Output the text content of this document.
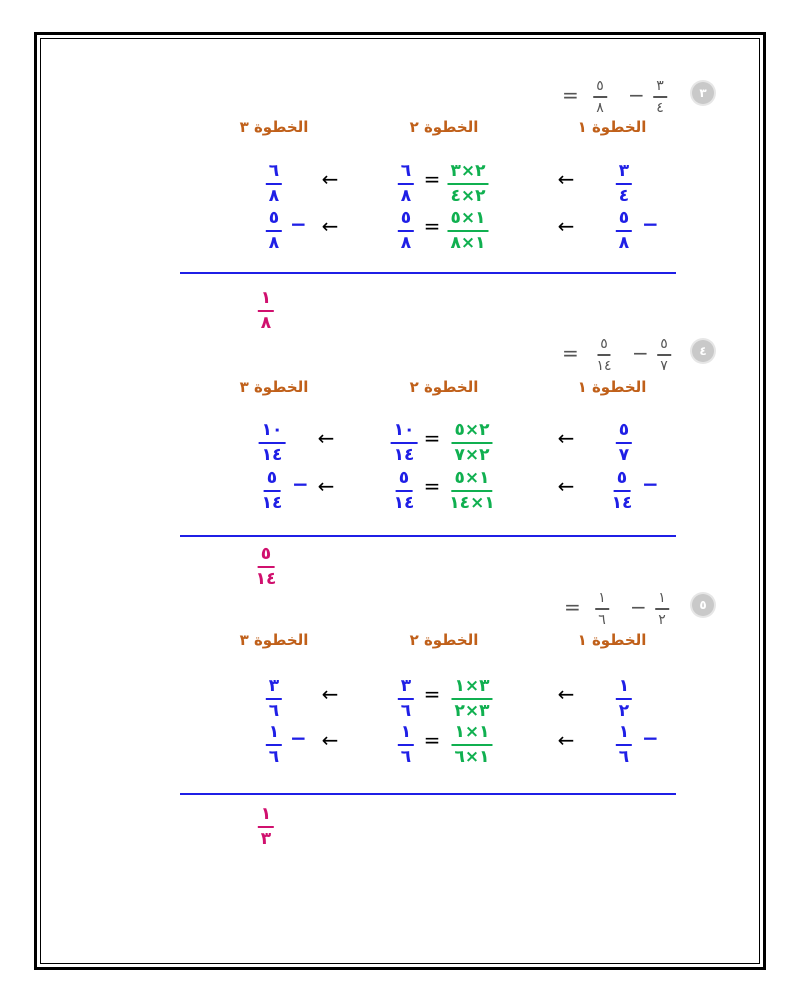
٣
= ٥
٨
− ٣
٤
الخطوة ١
الخطوة ٢
الخطوة ٣
٣
٤
←
٢×٣
٢×٤
=
٦
٨
←
٦
٨
−
٥
٨
←
١×٥
١×٨
=
٥
٨
←
٥
٨
−
١
٨
٤
= ٥
١٤
− ٥
٧
الخطوة ١
الخطوة ٢
الخطوة ٣
٥
٧
←
٢×٥
٢×٧
=
١٠
١٤
←
١٠
١٤
−
٥
١٤
←
١×٥
١×١٤
=
٥
١٤
←
٥
١٤
−
٥
١٤
٥
= ١
٦
− ١
٢
الخطوة ١
الخطوة ٢
الخطوة ٣
١
٢
←
٣×١
٣×٢
=
٣
٦
←
٣
٦
−
١
٦
←
١×١
١×٦
=
١
٦
←
١
٦
−
١
٣
